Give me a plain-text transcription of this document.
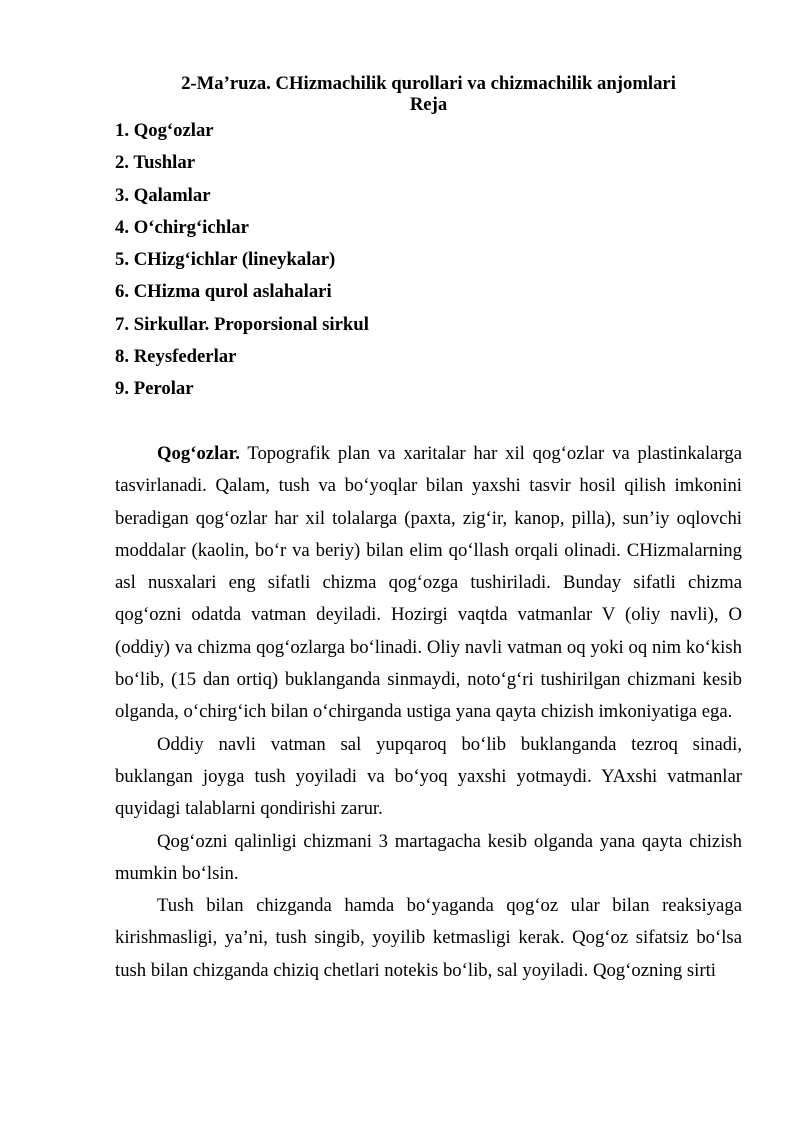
2-Ma’ruza. CHizmachilik qurollari va chizmachilik anjomlari
Reja
1. Qog‘ozlar
2. Tushlar
3. Qalamlar
4. O‘chirg‘ichlar
5. CHizg‘ichlar (lineykalar)
6. CHizma qurol aslahalari
7. Sirkullar. Proporsional sirkul
8. Reysfederlar
9. Perolar

Qog‘ozlar. Topografik plan va xaritalar har xil qog‘ozlar va plastinkalarga tasvirlanadi. Qalam, tush va bo‘yoqlar bilan yaxshi tasvir hosil qilish imkonini beradigan qog‘ozlar har xil tolalarga (paxta, zig‘ir, kanop, pilla), sun’iy oqlovchi moddalar (kaolin, bo‘r va beriy) bilan elim qo‘llash orqali olinadi. CHizmalarning asl nusxalari eng sifatli chizma qog‘ozga tushiriladi. Bunday sifatli chizma qog‘ozni odatda vatman deyiladi. Hozirgi vaqtda vatmanlar V (oliy navli), O (oddiy) va chizma qog‘ozlarga bo‘linadi. Oliy navli vatman oq yoki oq nim ko‘kish bo‘lib, (15 dan ortiq) buklanganda sinmaydi, noto‘g‘ri tushirilgan chizmani kesib olganda, o‘chirg‘ich bilan o‘chirganda ustiga yana qayta chizish imkoniyatiga ega.

Oddiy navli vatman sal yupqaroq bo‘lib buklanganda tezroq sinadi, buklangan joyga tush yoyiladi va bo‘yoq yaxshi yotmaydi. YAxshi vatmanlar quyidagi talablarni qondirishi zarur.

Qog‘ozni qalinligi chizmani 3 martagacha kesib olganda yana qayta chizish mumkin bo‘lsin.

Tush bilan chizganda hamda bo‘yaganda qog‘oz ular bilan reaksiyaga kirishmasligi, ya’ni, tush singib, yoyilib ketmasligi kerak. Qog‘oz sifatsiz bo‘lsa tush bilan chizganda chiziq chetlari notekis bo‘lib, sal yoyiladi. Qog‘ozning sirti
